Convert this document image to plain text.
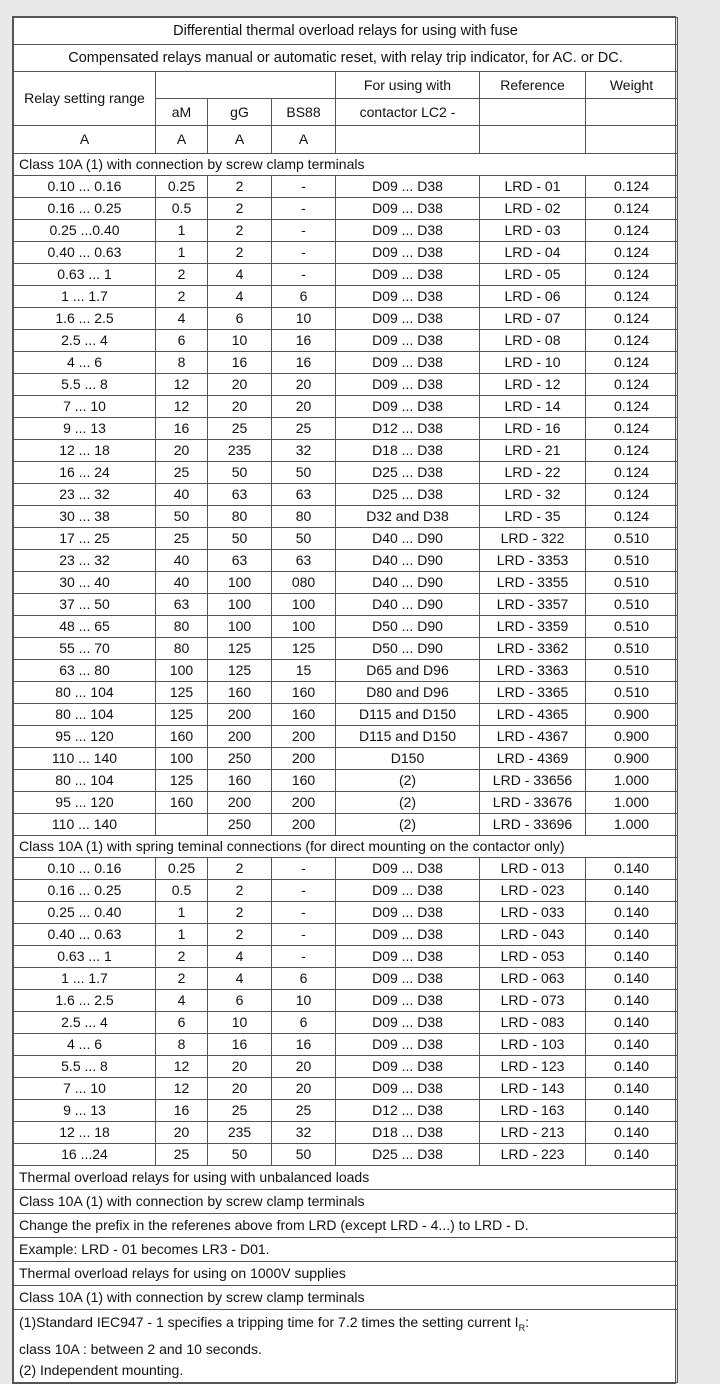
Differential thermal overload relays for using with fuse						
Compensated relays manual or automatic reset, with relay trip indicator, for AC. or DC.						
Relay setting range				For using with	Reference	Weight
	aM	gG	BS88	contactor LC2 -		
A	A	A	A			
Class 10A (1) with connection by screw clamp terminals						
0.10 ... 0.16	0.25	2	-	D09 ... D38	LRD - 01	0.124
0.16 ... 0.25	0.5	2	-	D09 ... D38	LRD - 02	0.124
0.25 ...0.40	1	2	-	D09 ... D38	LRD - 03	0.124
0.40 ... 0.63	1	2	-	D09 ... D38	LRD - 04	0.124
0.63 ... 1	2	4	-	D09 ... D38	LRD - 05	0.124
1 ... 1.7	2	4	6	D09 ... D38	LRD - 06	0.124
1.6 ... 2.5	4	6	10	D09 ... D38	LRD - 07	0.124
2.5 ... 4	6	10	16	D09 ... D38	LRD - 08	0.124
4 ... 6	8	16	16	D09 ... D38	LRD - 10	0.124
5.5 ... 8	12	20	20	D09 ... D38	LRD - 12	0.124
7 ... 10	12	20	20	D09 ... D38	LRD - 14	0.124
9 ... 13	16	25	25	D12 ... D38	LRD - 16	0.124
12 ... 18	20	235	32	D18 ... D38	LRD - 21	0.124
16 ... 24	25	50	50	D25 ... D38	LRD - 22	0.124
23 ... 32	40	63	63	D25 ... D38	LRD - 32	0.124
30 ... 38	50	80	80	D32 and D38	LRD - 35	0.124
17 ... 25	25	50	50	D40 ... D90	LRD - 322	0.510
23 ... 32	40	63	63	D40 ... D90	LRD - 3353	0.510
30 ... 40	40	100	080	D40 ... D90	LRD - 3355	0.510
37 ... 50	63	100	100	D40 ... D90	LRD - 3357	0.510
48 ... 65	80	100	100	D50 ... D90	LRD - 3359	0.510
55 ... 70	80	125	125	D50 ... D90	LRD - 3362	0.510
63 ... 80	100	125	15	D65 and D96	LRD - 3363	0.510
80 ... 104	125	160	160	D80 and D96	LRD - 3365	0.510
80 ... 104	125	200	160	D115 and D150	LRD - 4365	0.900
95 ... 120	160	200	200	D115 and D150	LRD - 4367	0.900
110 ... 140	100	250	200	D150	LRD - 4369	0.900
80 ... 104	125	160	160	(2)	LRD - 33656	1.000
95 ... 120	160	200	200	(2)	LRD - 33676	1.000
110 ... 140		250	200	(2)	LRD - 33696	1.000
Class 10A (1) with spring teminal connections (for direct mounting on the contactor only)						
0.10 ... 0.16	0.25	2	-	D09 ... D38	LRD - 013	0.140
0.16 ... 0.25	0.5	2	-	D09 ... D38	LRD - 023	0.140
0.25 ... 0.40	1	2	-	D09 ... D38	LRD - 033	0.140
0.40 ... 0.63	1	2	-	D09 ... D38	LRD - 043	0.140
0.63 ... 1	2	4	-	D09 ... D38	LRD - 053	0.140
1 ... 1.7	2	4	6	D09 ... D38	LRD - 063	0.140
1.6 ... 2.5	4	6	10	D09 ... D38	LRD - 073	0.140
2.5 ... 4	6	10	6	D09 ... D38	LRD - 083	0.140
4 ... 6	8	16	16	D09 ... D38	LRD - 103	0.140
5.5 ... 8	12	20	20	D09 ... D38	LRD - 123	0.140
7 ... 10	12	20	20	D09 ... D38	LRD - 143	0.140
9 ... 13	16	25	25	D12 ... D38	LRD - 163	0.140
12 ... 18	20	235	32	D18 ... D38	LRD - 213	0.140
16 ...24	25	50	50	D25 ... D38	LRD - 223	0.140
Thermal overload relays for using with unbalanced loads						
Class 10A (1) with connection by screw clamp terminals						
Change the prefix in the referenes above from LRD (except LRD - 4...) to LRD - D.						
Example: LRD - 01 becomes LR3 - D01.						
Thermal overload relays for using on 1000V supplies						
Class 10A (1) with connection by screw clamp terminals						

(1)Standard IEC947 - 1 specifies a tripping time for 7.2 times the setting current $I_R$:
class 10A : between 2 and 10 seconds.
(2) Independent mounting.						
